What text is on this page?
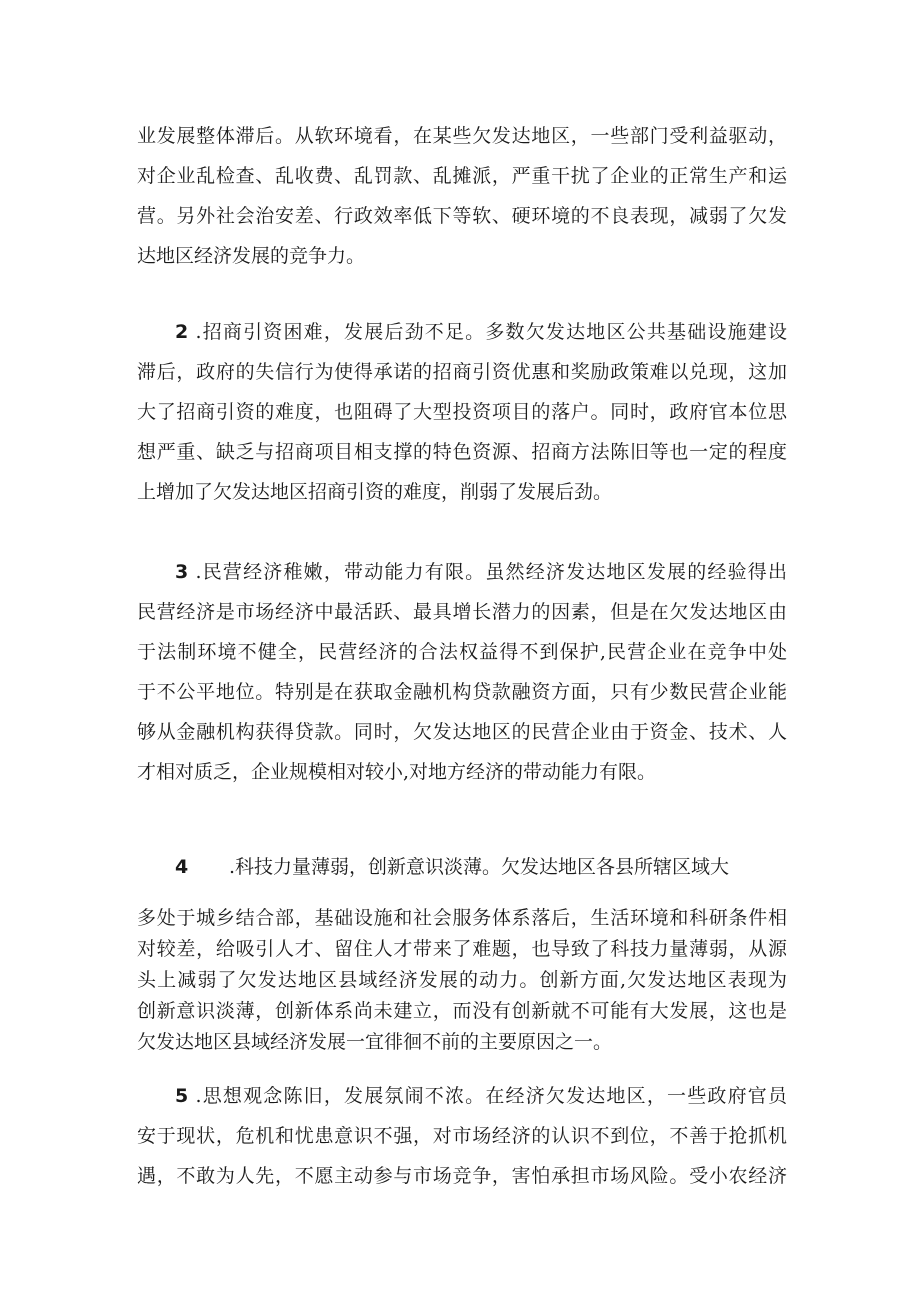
业发展整体滞后。从软环境看，在某些欠发达地区，一些部门受利益驱动，
对企业乱检查、乱收费、乱罚款、乱摊派，严重干扰了企业的正常生产和运
营。另外社会治安差、行政效率低下等软、硬环境的不良表现，减弱了欠发
达地区经济发展的竞争力。
2 .招商引资困难，发展后劲不足。多数欠发达地区公共基础设施建设
滞后，政府的失信行为使得承诺的招商引资优惠和奖励政策难以兑现，这加
大了招商引资的难度，也阻碍了大型投资项目的落户。同时，政府官本位思
想严重、缺乏与招商项目相支撑的特色资源、招商方法陈旧等也一定的程度
上增加了欠发达地区招商引资的难度，削弱了发展后劲。
3 .民营经济稚嫩，带动能力有限。虽然经济发达地区发展的经验得出
民营经济是市场经济中最活跃、最具增长潜力的因素，但是在欠发达地区由
于法制环境不健全，民营经济的合法权益得不到保护,民营企业在竞争中处
于不公平地位。特别是在获取金融机构贷款融资方面，只有少数民营企业能
够从金融机构获得贷款。同时，欠发达地区的民营企业由于资金、技术、人
才相对质乏，企业规模相对较小,对地方经济的带动能力有限。
4 .科技力量薄弱，创新意识淡薄。欠发达地区各县所辖区域大
多处于城乡结合部，基础设施和社会服务体系落后，生活环境和科研条件相
对较差，给吸引人才、留住人才带来了难题，也导致了科技力量薄弱，从源
头上减弱了欠发达地区县域经济发展的动力。创新方面,欠发达地区表现为
创新意识淡薄，创新体系尚未建立，而没有创新就不可能有大发展，这也是
欠发达地区县域经济发展一宜徘徊不前的主要原因之一。
5 .思想观念陈旧，发展氛闹不浓。在经济欠发达地区，一些政府官员
安于现状，危机和忧患意识不强，对市场经济的认识不到位，不善于抢抓机
遇，不敢为人先，不愿主动参与市场竞争，害怕承担市场风险。受小农经济
